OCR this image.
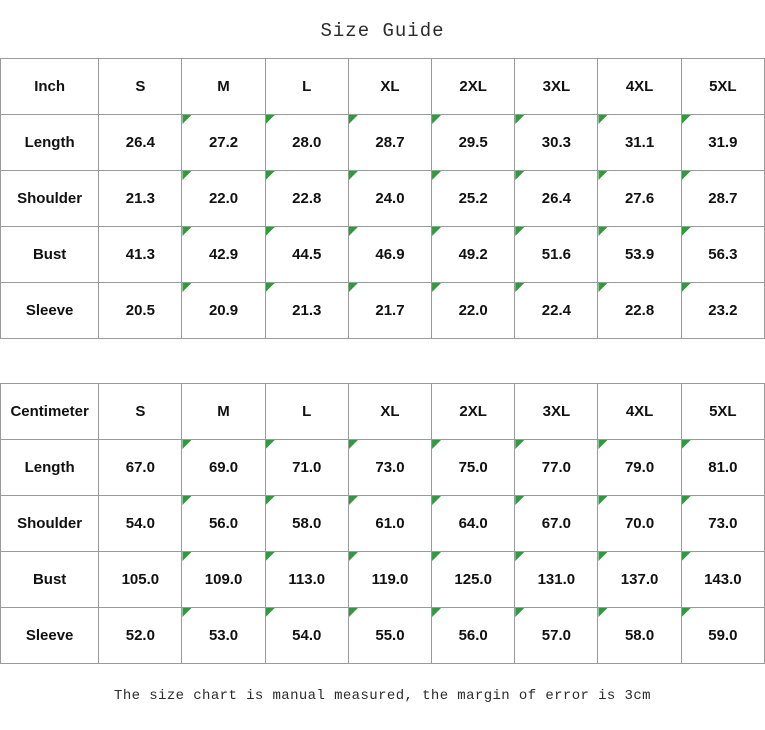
Size Guide
Inch	S	M	L	XL	2XL	3XL	4XL	5XL
Length	26.4	27.2	28.0	28.7	29.5	30.3	31.1	31.9

Shoulder	21.3	22.0	22.8	24.0	25.2	26.4	27.6	28.7

Bust	41.3	42.9	44.5	46.9	49.2	51.6	53.9	56.3

Sleeve	20.5	20.9	21.3	21.7	22.0	22.4	22.8	23.2
Centimeter	S	M	L	XL	2XL	3XL	4XL	5XL
Length	67.0	69.0	71.0	73.0	75.0	77.0	79.0	81.0

Shoulder	54.0	56.0	58.0	61.0	64.0	67.0	70.0	73.0

Bust	105.0	109.0	113.0	119.0	125.0	131.0	137.0	143.0

Sleeve	52.0	53.0	54.0	55.0	56.0	57.0	58.0	59.0
The size chart is manual measured, the margin of error is 3cm
